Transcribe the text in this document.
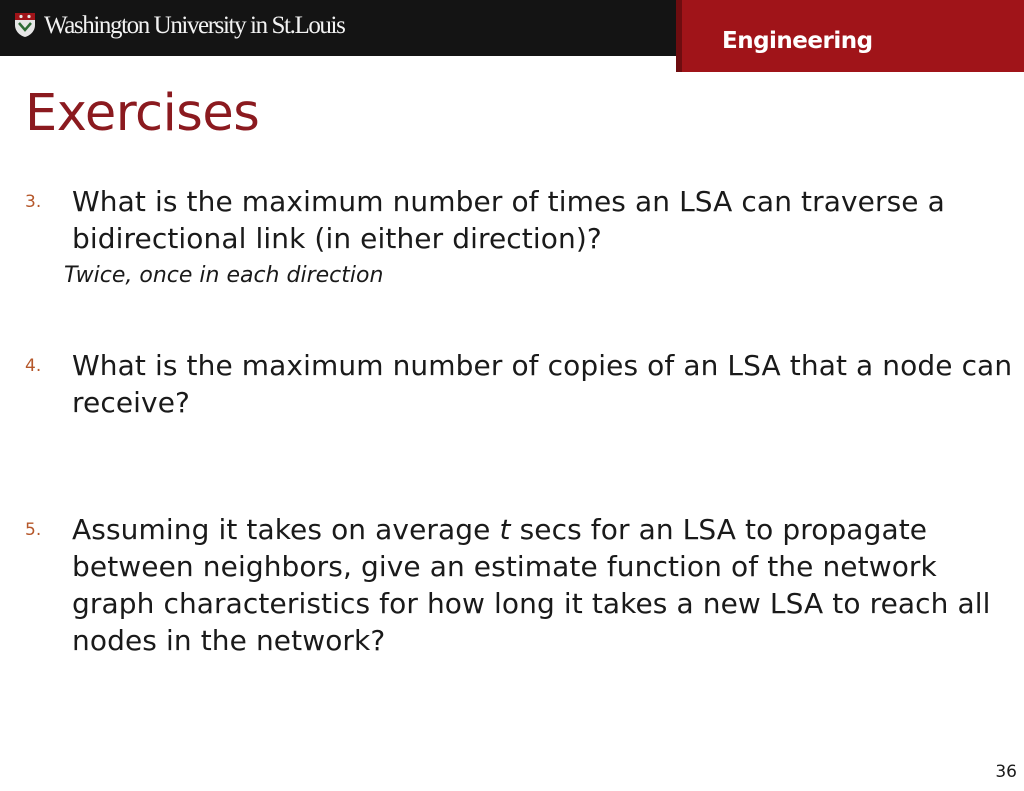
Washington University in St.Louis
Engineering
Exercises
3. What is the maximum number of times an LSA can traverse a bidirectional link (in either direction)?
Twice, once in each direction
4. What is the maximum number of copies of an LSA that a node can receive?
5. Assuming it takes on average t secs for an LSA to propagate between neighbors, give an estimate function of the network graph characteristics for how long it takes a new LSA to reach all nodes in the network?
36
